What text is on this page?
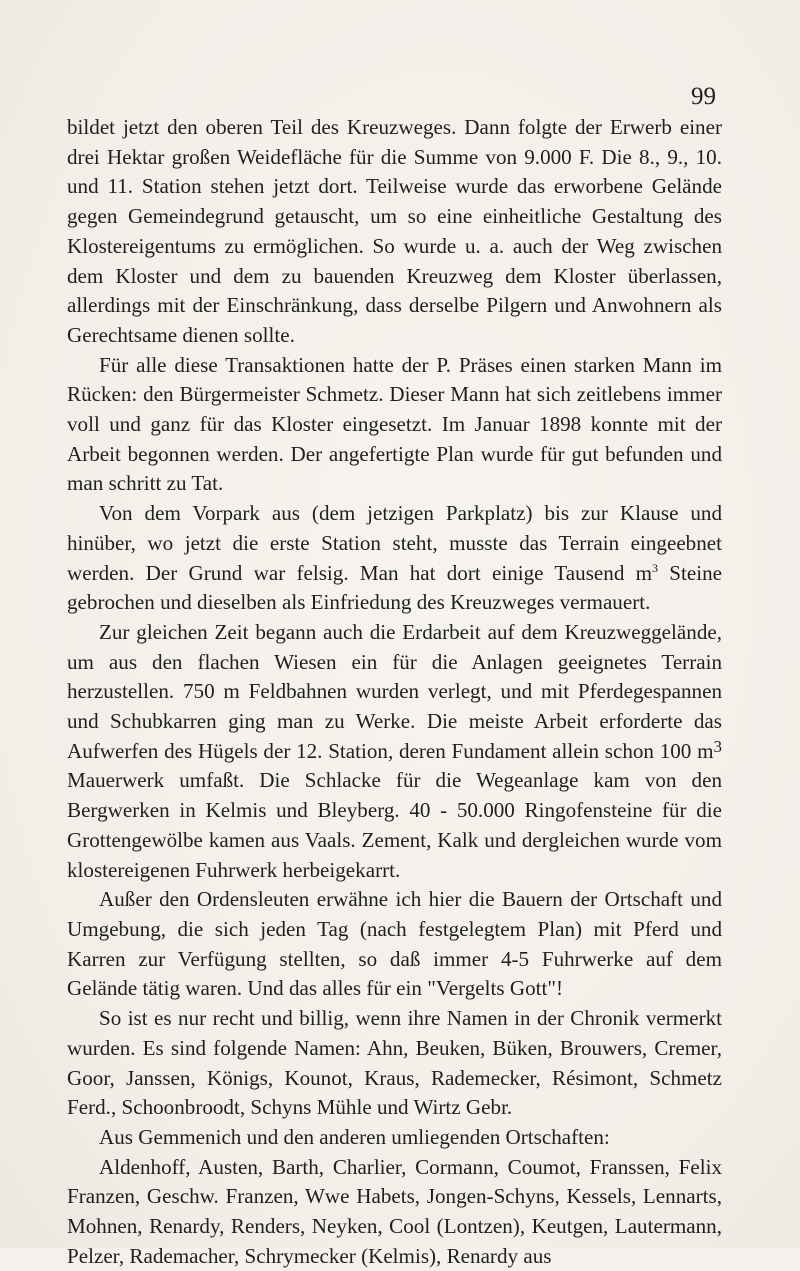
99

bildet jetzt den oberen Teil des Kreuzweges. Dann folgte der Erwerb einer drei Hektar großen Weidefläche für die Summe von 9.000 F. Die 8., 9., 10. und 11. Station stehen jetzt dort. Teilweise wurde das erworbene Gelände gegen Gemeindegrund getauscht, um so eine einheitliche Gestaltung des Klostereigentums zu ermöglichen. So wurde u. a. auch der Weg zwischen dem Kloster und dem zu bauenden Kreuzweg dem Kloster überlassen, allerdings mit der Einschränkung, dass derselbe Pilgern und Anwohnern als Gerechtsame dienen sollte.

Für alle diese Transaktionen hatte der P. Präses einen starken Mann im Rücken: den Bürgermeister Schmetz. Dieser Mann hat sich zeitlebens immer voll und ganz für das Kloster eingesetzt. Im Januar 1898 konnte mit der Arbeit begonnen werden. Der angefertigte Plan wurde für gut befunden und man schritt zu Tat.

Von dem Vorpark aus (dem jetzigen Parkplatz) bis zur Klause und hinüber, wo jetzt die erste Station steht, musste das Terrain eingeebnet werden. Der Grund war felsig. Man hat dort einige Tausend $m^3$ Steine gebrochen und dieselben als Einfriedung des Kreuzweges vermauert.

Zur gleichen Zeit begann auch die Erdarbeit auf dem Kreuzweggelände, um aus den flachen Wiesen ein für die Anlagen geeignetes Terrain herzustellen. 750 m Feldbahnen wurden verlegt, und mit Pferdegespannen und Schubkarren ging man zu Werke. Die meiste Arbeit erforderte das Aufwerfen des Hügels der 12. Station, deren Fundament allein schon 100 $m^3$ Mauerwerk umfaßt. Die Schlacke für die Wegeanlage kam von den Bergwerken in Kelmis und Bleyberg. 40 - 50.000 Ringofensteine für die Grottengewölbe kamen aus Vaals. Zement, Kalk und dergleichen wurde vom klostereigenen Fuhrwerk herbeigekarrt.

Außer den Ordensleuten erwähne ich hier die Bauern der Ortschaft und Umgebung, die sich jeden Tag (nach festgelegtem Plan) mit Pferd und Karren zur Verfügung stellten, so daß immer 4-5 Fuhrwerke auf dem Gelände tätig waren. Und das alles für ein "Vergelts Gott"!

So ist es nur recht und billig, wenn ihre Namen in der Chronik vermerkt wurden. Es sind folgende Namen: Ahn, Beuken, Büken, Brouwers, Cremer, Goor, Janssen, Königs, Kounot, Kraus, Rademecker, Résimont, Schmetz Ferd., Schoonbroodt, Schyns Mühle und Wirtz Gebr.

Aus Gemmenich und den anderen umliegenden Ortschaften:

Aldenhoff, Austen, Barth, Charlier, Cormann, Coumot, Franssen, Felix Franzen, Geschw. Franzen, Wwe Habets, Jongen-Schyns, Kessels, Lennarts, Mohnen, Renardy, Renders, Neyken, Cool (Lontzen), Keutgen, Lautermann, Pelzer, Rademacher, Schrymecker (Kelmis), Renardy aus
